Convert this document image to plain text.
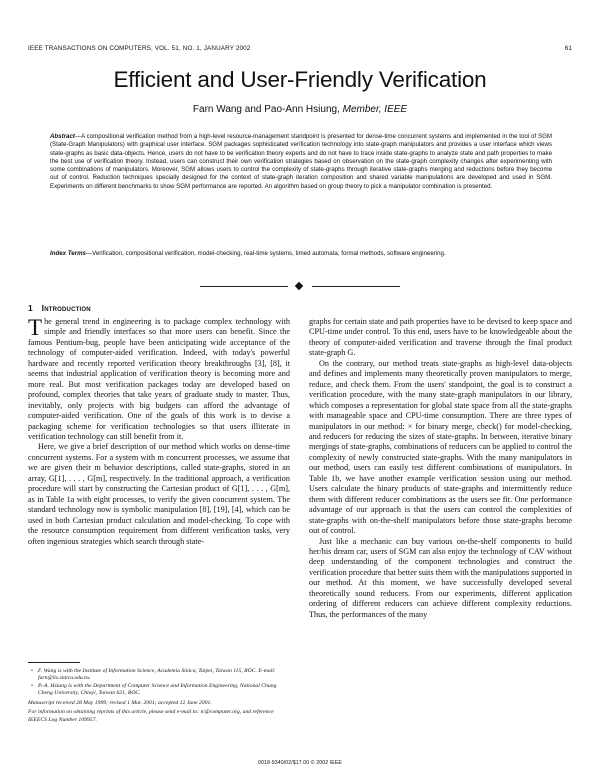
IEEE TRANSACTIONS ON COMPUTERS, VOL. 51, NO. 1, JANUARY 2002	61
Efficient and User-Friendly Verification
Farn Wang and Pao-Ann Hsiung, Member, IEEE
Abstract—A compositional verification method from a high-level resource-management standpoint is presented for dense-time concurrent systems and implemented in the tool of SGM (State-Graph Manipulators) with graphical user interface. SGM packages sophisticated verification technology into state-graph manipulators and provides a user interface which views state-graphs as basic data-objects. Hence, users do not have to be verification theory experts and do not have to trace inside state-graphs to analyze state and path properties to make the best use of verification theory. Instead, users can construct their own verification strategies based on observation on the state-graph complexity changes after experimenting with some combinations of manipulators. Moreover, SGM allows users to control the complexity of state-graphs through iterative state-graphs merging and reductions before they become out of control. Reduction techniques specially designed for the context of state-graph iteration composition and shared variable manipulations are developed and used in SGM. Experiments on different benchmarks to show SGM performance are reported. An algorithm based on group theory to pick a manipulator combination is presented.
Index Terms—Verification, compositional verification, model-checking, real-time systems, timed automata, formal methods, software engineering.
1 Introduction

The general trend in engineering is to package complex technology with simple and friendly interfaces so that more users can benefit. Since the famous Pentium-bug, people have been anticipating wide acceptance of the technology of computer-aided verification. Indeed, with today's powerful hardware and recently reported verification theory breakthroughs [3], [8], it seems that industrial application of verification theory is becoming more and more real. But most verification packages today are developed based on profound, complex theories that take years of graduate study to master. Thus, inevitably, only projects with big budgets can afford the advantage of computer-aided verification. One of the goals of this work is to devise a packaging scheme for verification technologies so that users illiterate in verification technology can still benefit from it.

Here, we give a brief description of our method which works on dense-time concurrent systems. For a system with m concurrent processes, we assume that we are given their m behavior descriptions, called state-graphs, stored in an array, G[1], . . . , G[m], respectively. In the traditional approach, a verification procedure will start by constructing the Cartesian product of G[1], . . . , G[m], as in Table 1a with eight processes, to verify the given concurrent system. The standard technology now is symbolic manipulation [8], [19], [4], which can be used in both Cartesian product calculation and model-checking. To cope with the resource consumption requirement from different verification tasks, very often ingenious strategies which search through state-

graphs for certain state and path properties have to be devised to keep space and CPU-time under control. To this end, users have to be knowledgeable about the theory of computer-aided verification and traverse through the final product state-graph G.

On the contrary, our method treats state-graphs as high-level data-objects and defines and implements many theoretically proven manipulators to merge, reduce, and check them. From the users' standpoint, the goal is to construct a verification procedure, with the many state-graph manipulators in our library, which composes a representation for global state space from all the state-graphs with manageable space and CPU-time consumption. There are three types of manipulators in our method: × for binary merge, check() for model-checking, and reducers for reducing the sizes of state-graphs. In between, iterative binary mergings of state-graphs, combinations of reducers can be applied to control the complexity of newly constructed state-graphs. With the many manipulators in our method, users can easily test different combinations of manipulators. In Table 1b, we have another example verification session using our method. Users calculate the binary products of state-graphs and intermittently reduce them with different reducer combinations as the users see fit. One performance advantage of our approach is that the users can control the complexities of state-graphs with on-the-shelf manipulators before those state-graphs become out of control.

Just like a mechanic can buy various on-the-shelf components to build her/his dream car, users of SGM can also enjoy the technology of CAV without deep understanding of the component technologies and construct the verification procedure that better suits them with the manipulations supported in our method. At this moment, we have successfully developed several theoretically sound reducers. From our experiments, different application ordering of different reducers can achieve different complexity reductions. Thus, the performances of the many

• F. Wang is with the Institute of Information Science, Academia Sinica, Taipei, Taiwan 115, ROC. E-mail: farn@iis.sinica.edu.tw.

• P.-A. Hsiung is with the Department of Computer Science and Information Engineering, National Chung Cheng University, Chiayi, Taiwan 621, ROC.

Manuscript received 28 May 1999; revised 1 Mar. 2001; accepted 12 June 2001.

For information on obtaining reprints of this article, please send e-mail to: tc@computer.org, and reference IEEECS Log Number 109957.

0018-9340/02/$17.00 © 2002 IEEE
